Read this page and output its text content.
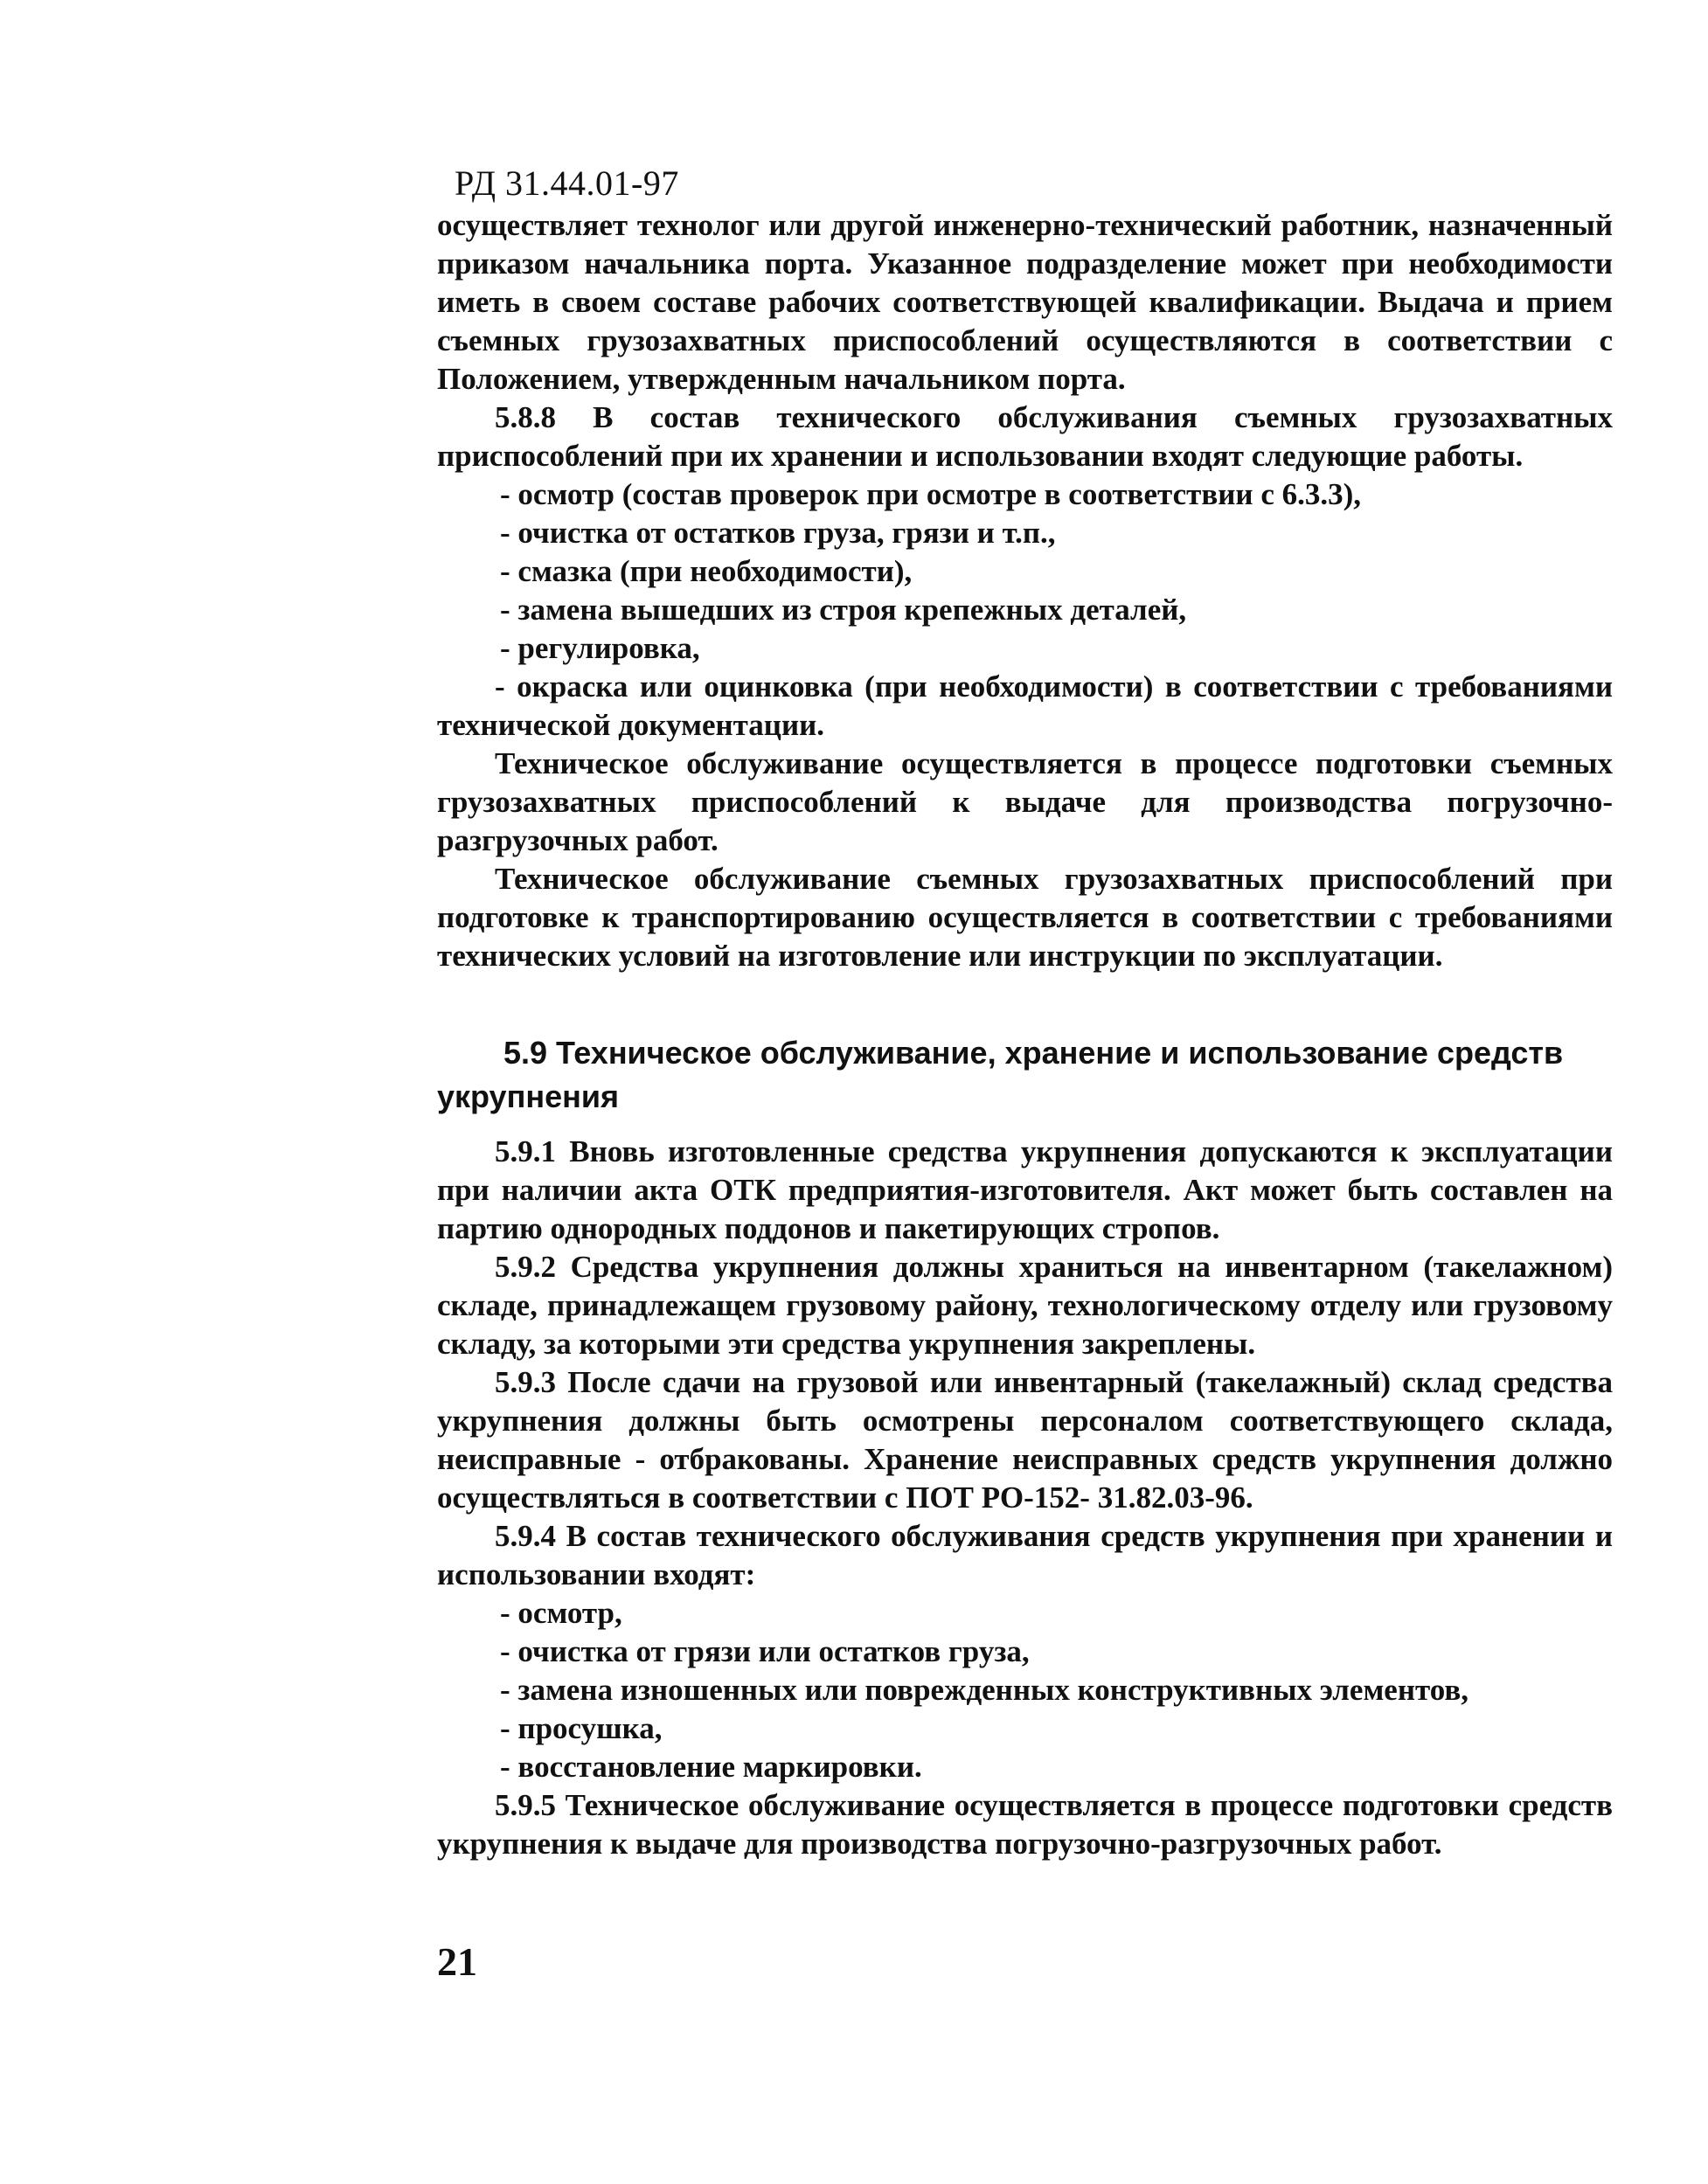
РД 31.44.01-97

осуществляет технолог или другой инженерно-технический работник, назначенный приказом начальника порта. Указанное подразделение может при необходимости иметь в своем составе рабочих соответствующей квалификации. Выдача и прием съемных грузозахватных приспособлений осуществляются в соответствии с Положением, утвержденным начальником порта.

5.8.8 В состав технического обслуживания съемных грузозахватных приспособлений при их хранении и использовании входят следующие работы.

- осмотр (состав проверок при осмотре в соответствии с 6.3.3),

- очистка от остатков груза, грязи и т.п.,

- смазка (при необходимости),

- замена вышедших из строя крепежных деталей,

- регулировка,

- окраска или оцинковка (при необходимости) в соответствии с требованиями технической документации.

Техническое обслуживание осуществляется в процессе подготовки съемных грузозахватных приспособлений к выдаче для производства погрузочно-разгрузочных работ.

Техническое обслуживание съемных грузозахватных приспособлений при подготовке к транспортированию осуществляется в соответствии с требованиями технических условий на изготовление или инструкции по эксплуатации.

5.9 Техническое обслуживание, хранение и использование средств укрупнения

5.9.1 Вновь изготовленные средства укрупнения допускаются к эксплуатации при наличии акта ОТК предприятия-изготовителя. Акт может быть составлен на партию однородных поддонов и пакетирующих стропов.

5.9.2 Средства укрупнения должны храниться на инвентарном (такелажном) складе, принадлежащем грузовому району, технологическому отделу или грузовому складу, за которыми эти средства укрупнения закреплены.

5.9.3 После сдачи на грузовой или инвентарный (такелажный) склад средства укрупнения должны быть осмотрены персоналом соответствующего склада, неисправные - отбракованы. Хранение неисправных средств укрупнения должно осуществляться в соответствии с ПОТ РО-152- 31.82.03-96.

5.9.4 В состав технического обслуживания средств укрупнения при хранении и использовании входят:

- осмотр,

- очистка от грязи или остатков груза,

- замена изношенных или поврежденных конструктивных элементов,

- просушка,

- восстановление маркировки.

5.9.5 Техническое обслуживание осуществляется в процессе подготовки средств укрупнения к выдаче для производства погрузочно-разгрузочных работ.

21
